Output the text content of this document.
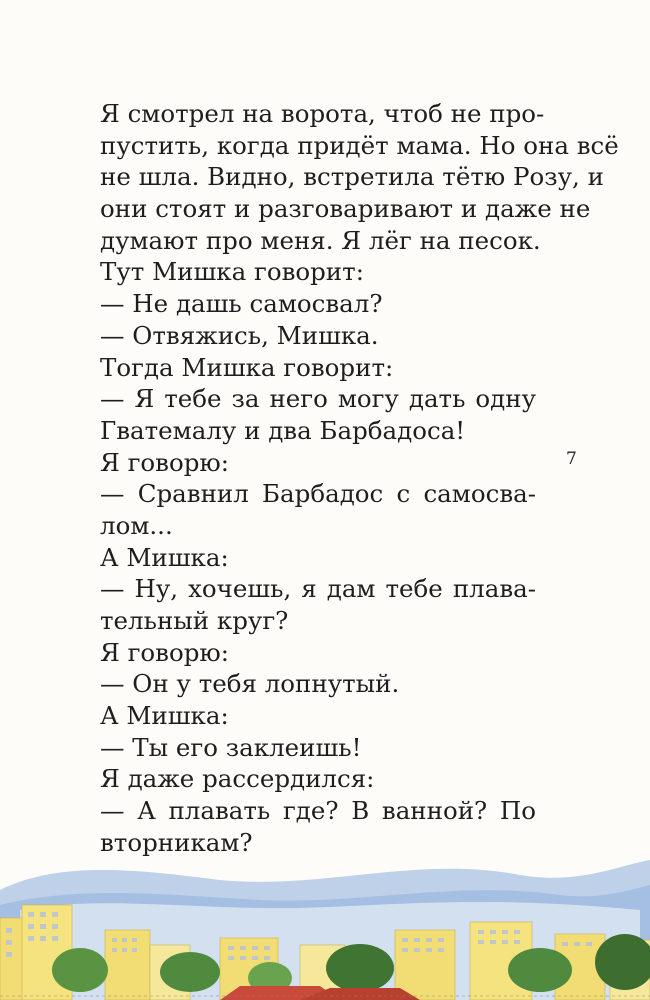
Я смотрел на ворота, чтоб не про-
пустить, когда придёт мама. Но она всё
не шла. Видно, встретила тётю Розу, и
они стоят и разговаривают и даже не
думают про меня. Я лёг на песок.
Тут Мишка говорит:
— Не дашь самосвал?
— Отвяжись, Мишка.
Тогда Мишка говорит:
— Я тебе за него могу дать одну
Гватемалу и два Барбадоса!
Я говорю:
— Сравнил Барбадос с самосва-
лом...
А Мишка:
— Ну, хочешь, я дам тебе плава-
тельный круг?
Я говорю:
— Он у тебя лопнутый.
А Мишка:
— Ты его заклеишь!
Я даже рассердился:
— А плавать где? В ванной? По
вторникам?
7
